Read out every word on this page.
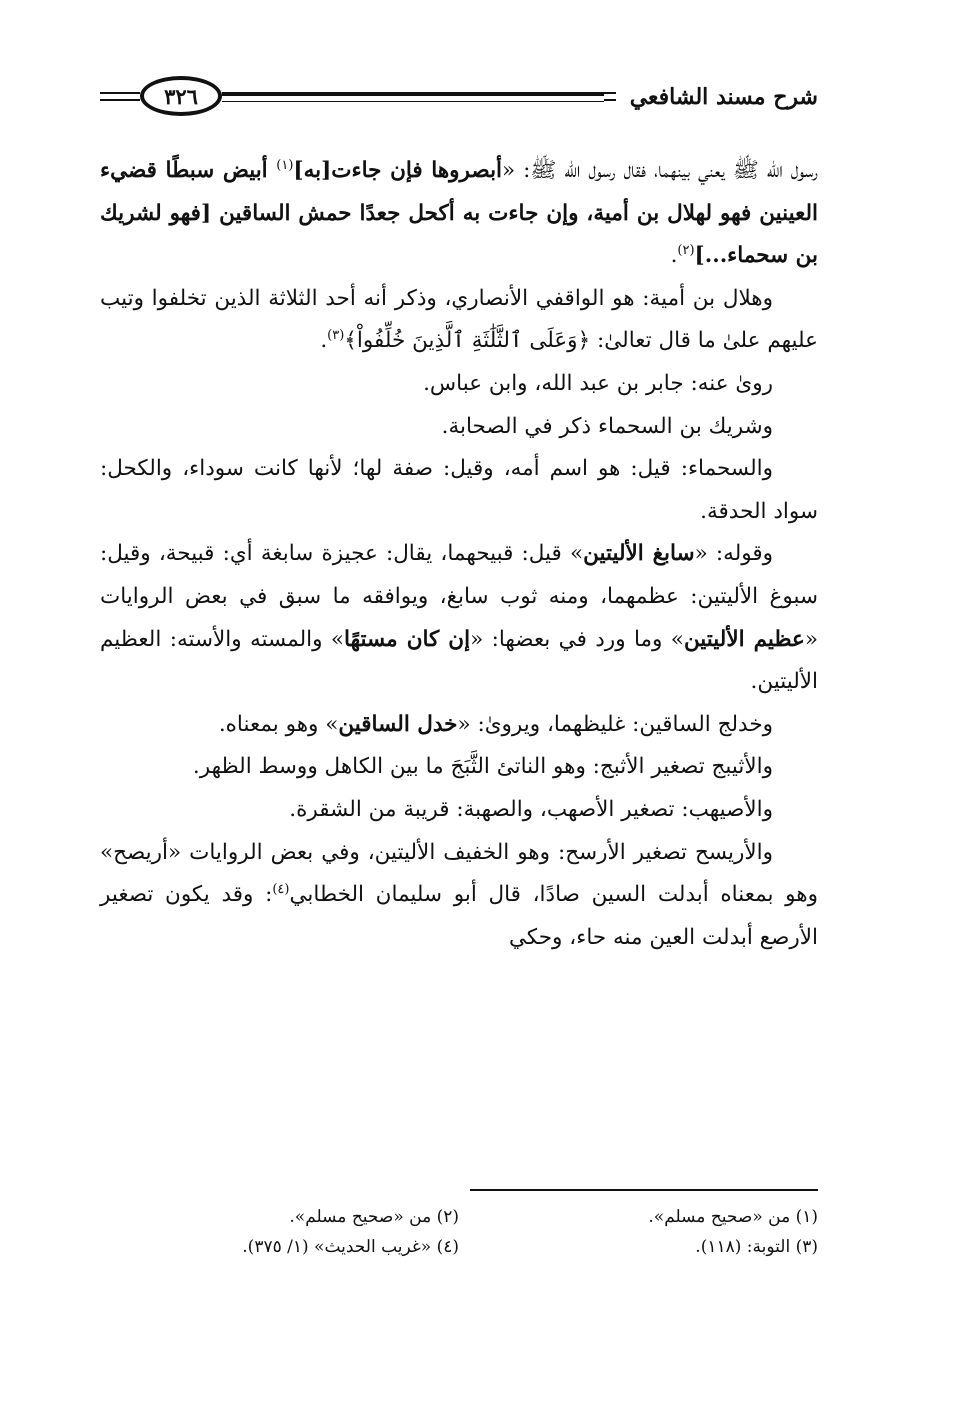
شرح مسند الشافعي
٣٢٦

رسول الله ﷺ يعني بينهما، فقال رسول الله ﷺ: «أبصروها فإن جاءت[به]$^{(١)}$ أبيض سبطًا قضيء العينين فهو لهلال بن أمية، وإن جاءت به أكحل جعدًا حمش الساقين [فهو لشريك بن سحماء...]$^{(٢)}$.

وهلال بن أمية: هو الواقفي الأنصاري، وذكر أنه أحد الثلاثة الذين تخلفوا وتيب عليهم علىٰ ما قال تعالىٰ: ﴿وَعَلَى ٱلثَّلَٰثَةِ ٱلَّذِينَ خُلِّفُواْ﴾$^{(٣)}$.

رویٰ عنه: جابر بن عبد الله، وابن عباس.

وشريك بن السحماء ذكر في الصحابة.

والسحماء: قيل: هو اسم أمه، وقيل: صفة لها؛ لأنها كانت سوداء، والكحل: سواد الحدقة.

وقوله: «سابغ الأليتين» قيل: قبيحهما، يقال: عجيزة سابغة أي: قبيحة، وقيل: سبوغ الأليتين: عظمهما، ومنه ثوب سابغ، ويوافقه ما سبق في بعض الروايات «عظيم الأليتين» وما ورد في بعضها: «إن كان مستهًا» والمسته والأسته: العظيم الأليتين.

وخدلج الساقين: غليظهما، ويرویٰ: «خدل الساقين» وهو بمعناه.

والأثيبج تصغير الأثبج: وهو الناتئ الثَّبَجَ ما بين الكاهل ووسط الظهر.

والأصيهب: تصغير الأصهب، والصهبة: قريبة من الشقرة.

والأريسح تصغير الأرسح: وهو الخفيف الأليتين، وفي بعض الروايات «أريصح» وهو بمعناه أبدلت السين صادًا، قال أبو سليمان الخطابي$^{(٤)}$: وقد يكون تصغير الأرصع أبدلت العين منه حاء، وحكي

(١) من «صحيح مسلم».
(٢) من «صحيح مسلم».
(٣) التوبة: (١١٨).
(٤) «غريب الحديث» (١/ ٣٧٥).
